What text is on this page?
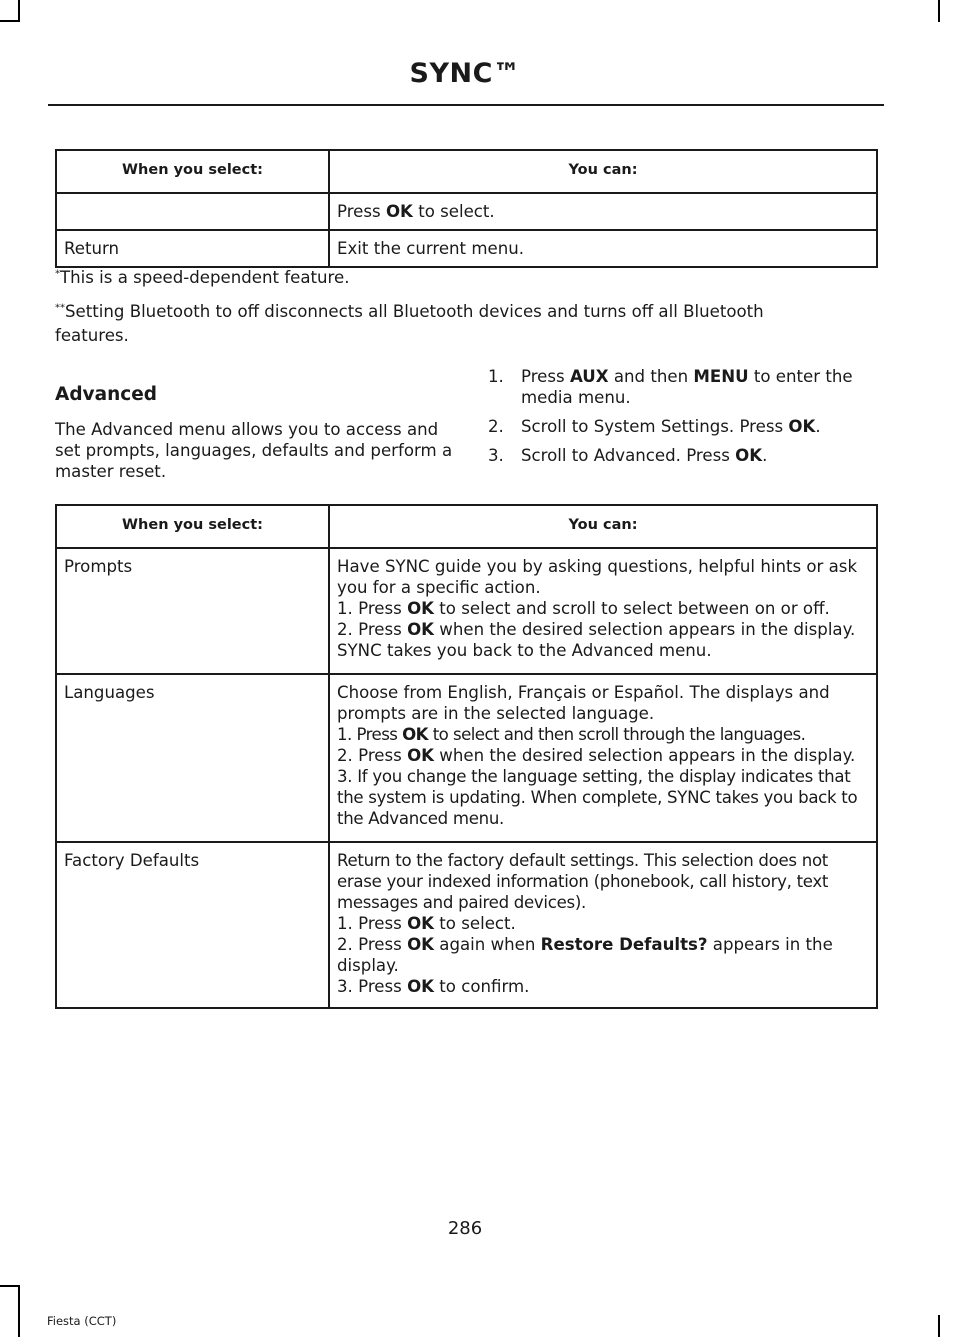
SYNC™
When you select:	You can:
	Press OK to select.
Return	Exit the current menu.
*This is a speed-dependent feature.
**Setting Bluetooth to off disconnects all Bluetooth devices and turns off all Bluetooth
features.
Advanced
The Advanced menu allows you to access and set prompts, languages, defaults and perform a master reset.
1. Press AUX and then MENU to enter the media menu.
2. Scroll to System Settings. Press OK.
3. Scroll to Advanced. Press OK.
When you select:	You can:
Prompts	Have SYNC guide you by asking questions, helpful hints or ask you for a specific action.
1. Press OK to select and scroll to select between on or off.
2. Press OK when the desired selection appears in the display. SYNC takes you back to the Advanced menu.

Languages	Choose from English, Français or Español. The displays and prompts are in the selected language.
1. Press OK to select and then scroll through the languages.
2. Press OK when the desired selection appears in the display.
3. If you change the language setting, the display indicates that the system is updating. When complete, SYNC takes you back to the Advanced menu.

Factory Defaults	Return to the factory default settings. This selection does not erase your indexed information (phonebook, call history, text messages and paired devices).
1. Press OK to select.
2. Press OK again when Restore Defaults? appears in the display.
3. Press OK to confirm.
286
Fiesta (CCT)
